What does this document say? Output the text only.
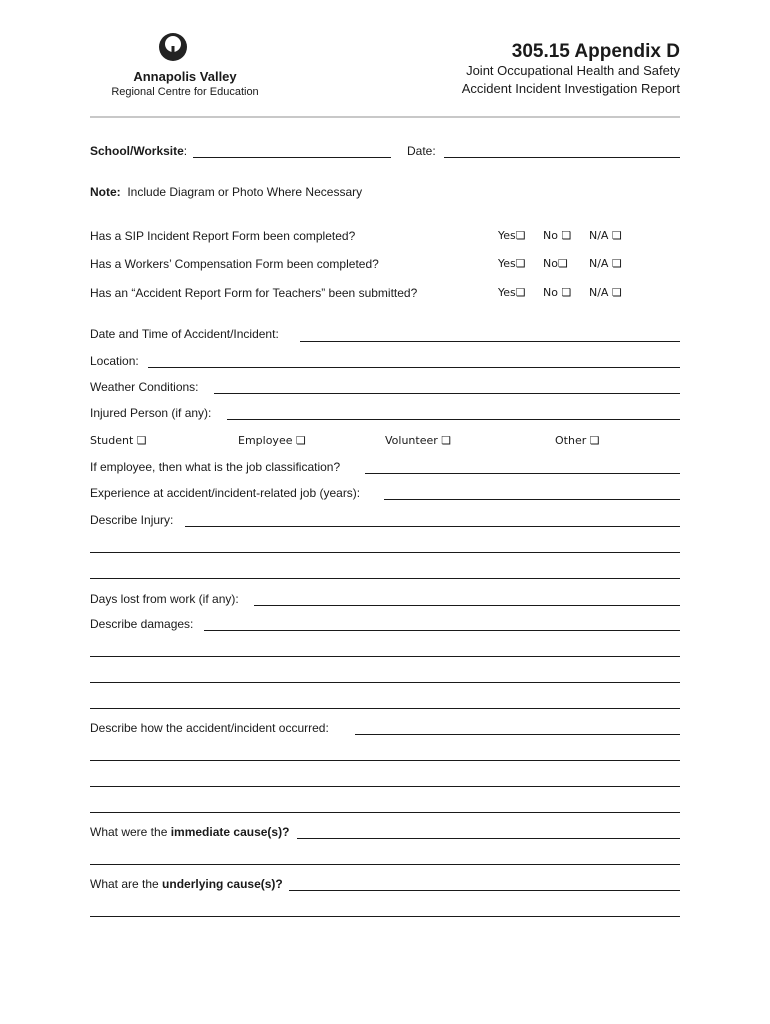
Annapolis Valley
Regional Centre for Education
305.15 Appendix D
Joint Occupational Health and Safety
Accident Incident Investigation Report
School/Worksite:	Date:
Note: Include Diagram or Photo Where Necessary
Has a SIP Incident Report Form been completed?	Yes❏ No ❏ N/A ❏
Has a Workers’ Compensation Form been completed?	Yes❏ No❏ N/A ❏
Has an “Accident Report Form for Teachers” been submitted?	Yes❏ No ❏ N/A ❏
Date and Time of Accident/Incident:
Location:
Weather Conditions:
Injured Person (if any):
Student ❏	Employee ❏	Volunteer ❏	Other ❏
If employee, then what is the job classification?
Experience at accident/incident-related job (years):
Describe Injury:
Days lost from work (if any):
Describe damages:
Describe how the accident/incident occurred:
What were the immediate cause(s)?
What are the underlying cause(s)?
